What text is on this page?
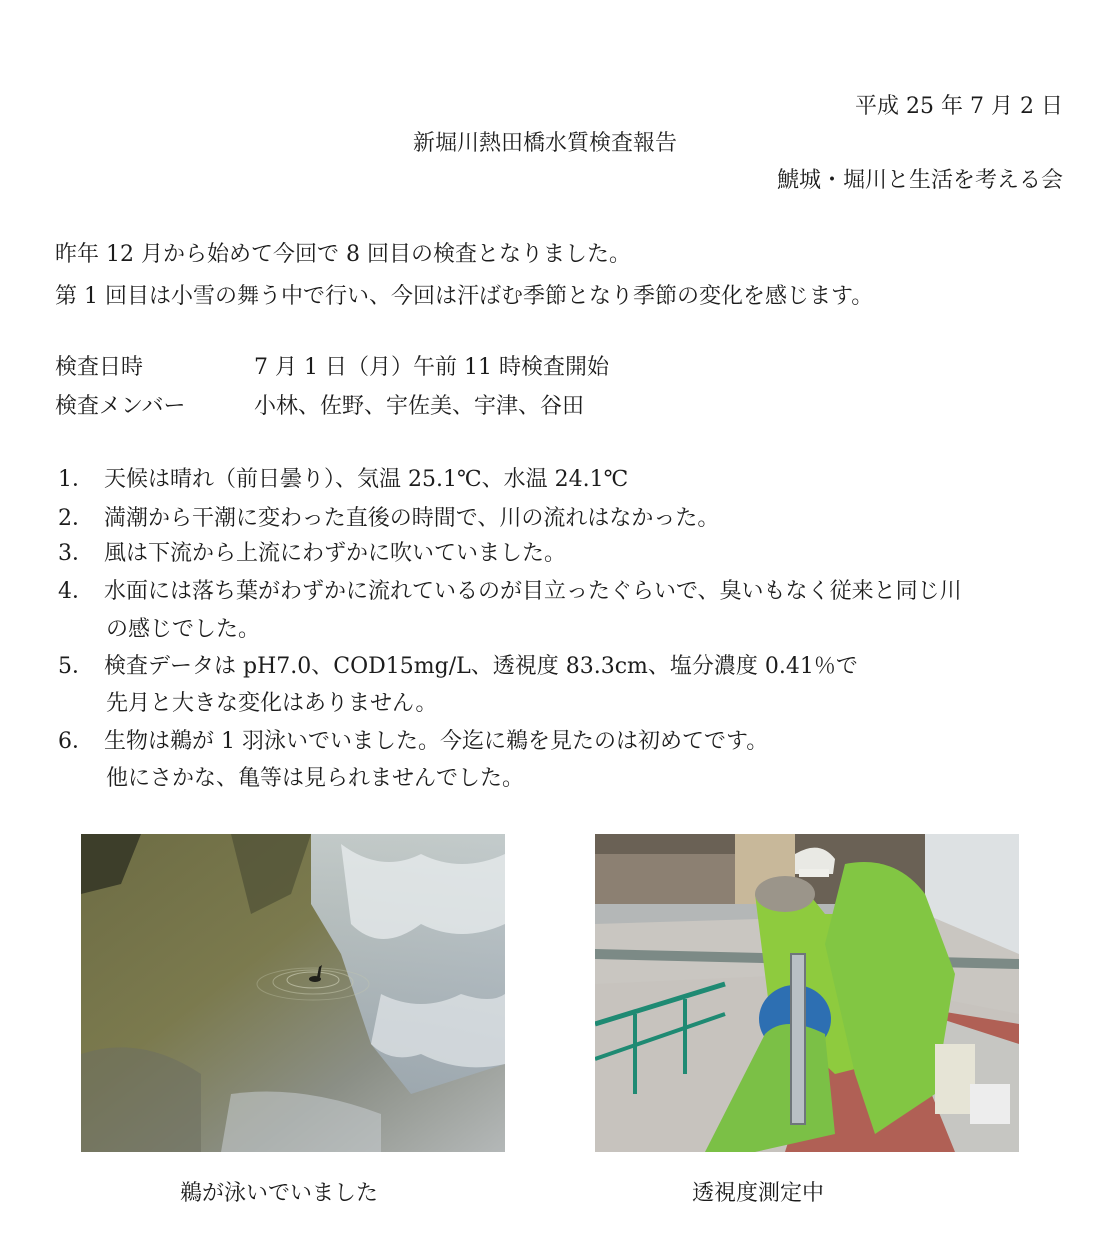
平成 25 年 7 月 2 日
新堀川熱田橋水質検査報告
鯱城・堀川と生活を考える会
昨年 12 月から始めて今回で 8 回目の検査となりました。
第 1 回目は小雪の舞う中で行い、今回は汗ばむ季節となり季節の変化を感じます。
検査日時	7 月 1 日（月）午前 11 時検査開始
検査メンバー	小林、佐野、宇佐美、宇津、谷田
1． 天候は晴れ（前日曇り）、気温 25.1℃、水温 24.1℃
2． 満潮から干潮に変わった直後の時間で、川の流れはなかった。
3． 風は下流から上流にわずかに吹いていました。
4． 水面には落ち葉がわずかに流れているのが目立ったぐらいで、臭いもなく従来と同じ川
の感じでした。
5． 検査データは pH7.0、COD15mg/L、透視度 83.3cm、塩分濃度 0.41％で
先月と大きな変化はありません。
6． 生物は鵜が 1 羽泳いでいました。今迄に鵜を見たのは初めてです。
他にさかな、亀等は見られませんでした。
鵜が泳いでいました	透視度測定中
